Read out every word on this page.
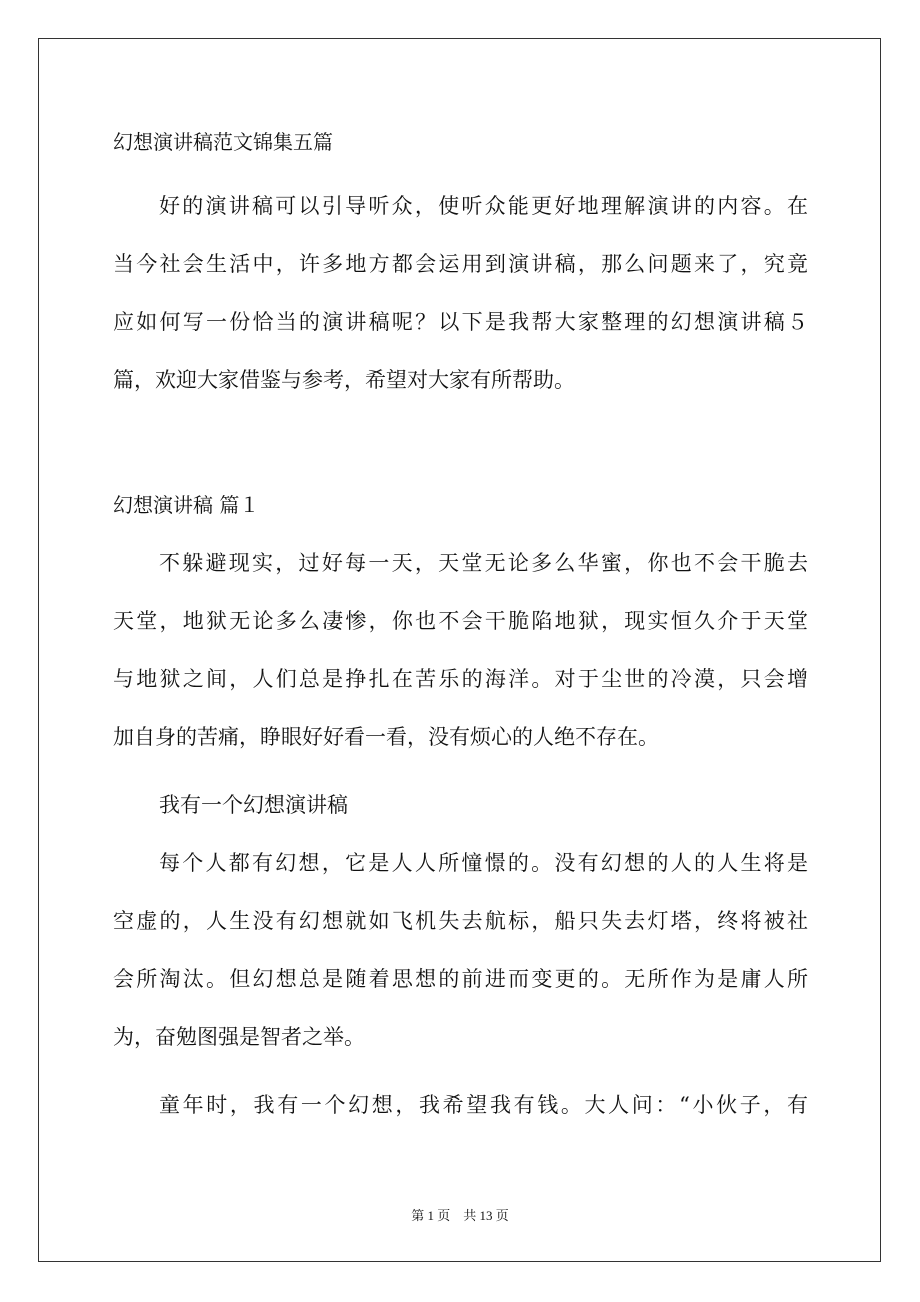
幻想演讲稿范文锦集五篇
好的演讲稿可以引导听众，使听众能更好地理解演讲的内容。在
当今社会生活中，许多地方都会运用到演讲稿，那么问题来了，究竟
应如何写一份恰当的演讲稿呢？以下是我帮大家整理的幻想演讲稿５
篇，欢迎大家借鉴与参考，希望对大家有所帮助。
幻想演讲稿 篇１
不躲避现实，过好每一天，天堂无论多么华蜜，你也不会干脆去
天堂，地狱无论多么凄惨，你也不会干脆陷地狱，现实恒久介于天堂
与地狱之间，人们总是挣扎在苦乐的海洋。对于尘世的冷漠，只会增
加自身的苦痛，睁眼好好看一看，没有烦心的人绝不存在。
我有一个幻想演讲稿
每个人都有幻想，它是人人所憧憬的。没有幻想的人的人生将是
空虚的，人生没有幻想就如飞机失去航标，船只失去灯塔，终将被社
会所淘汰。但幻想总是随着思想的前进而变更的。无所作为是庸人所
为，奋勉图强是智者之举。
童年时，我有一个幻想，我希望我有钱。大人问：“小伙子，有
第 1 页　共 13 页
